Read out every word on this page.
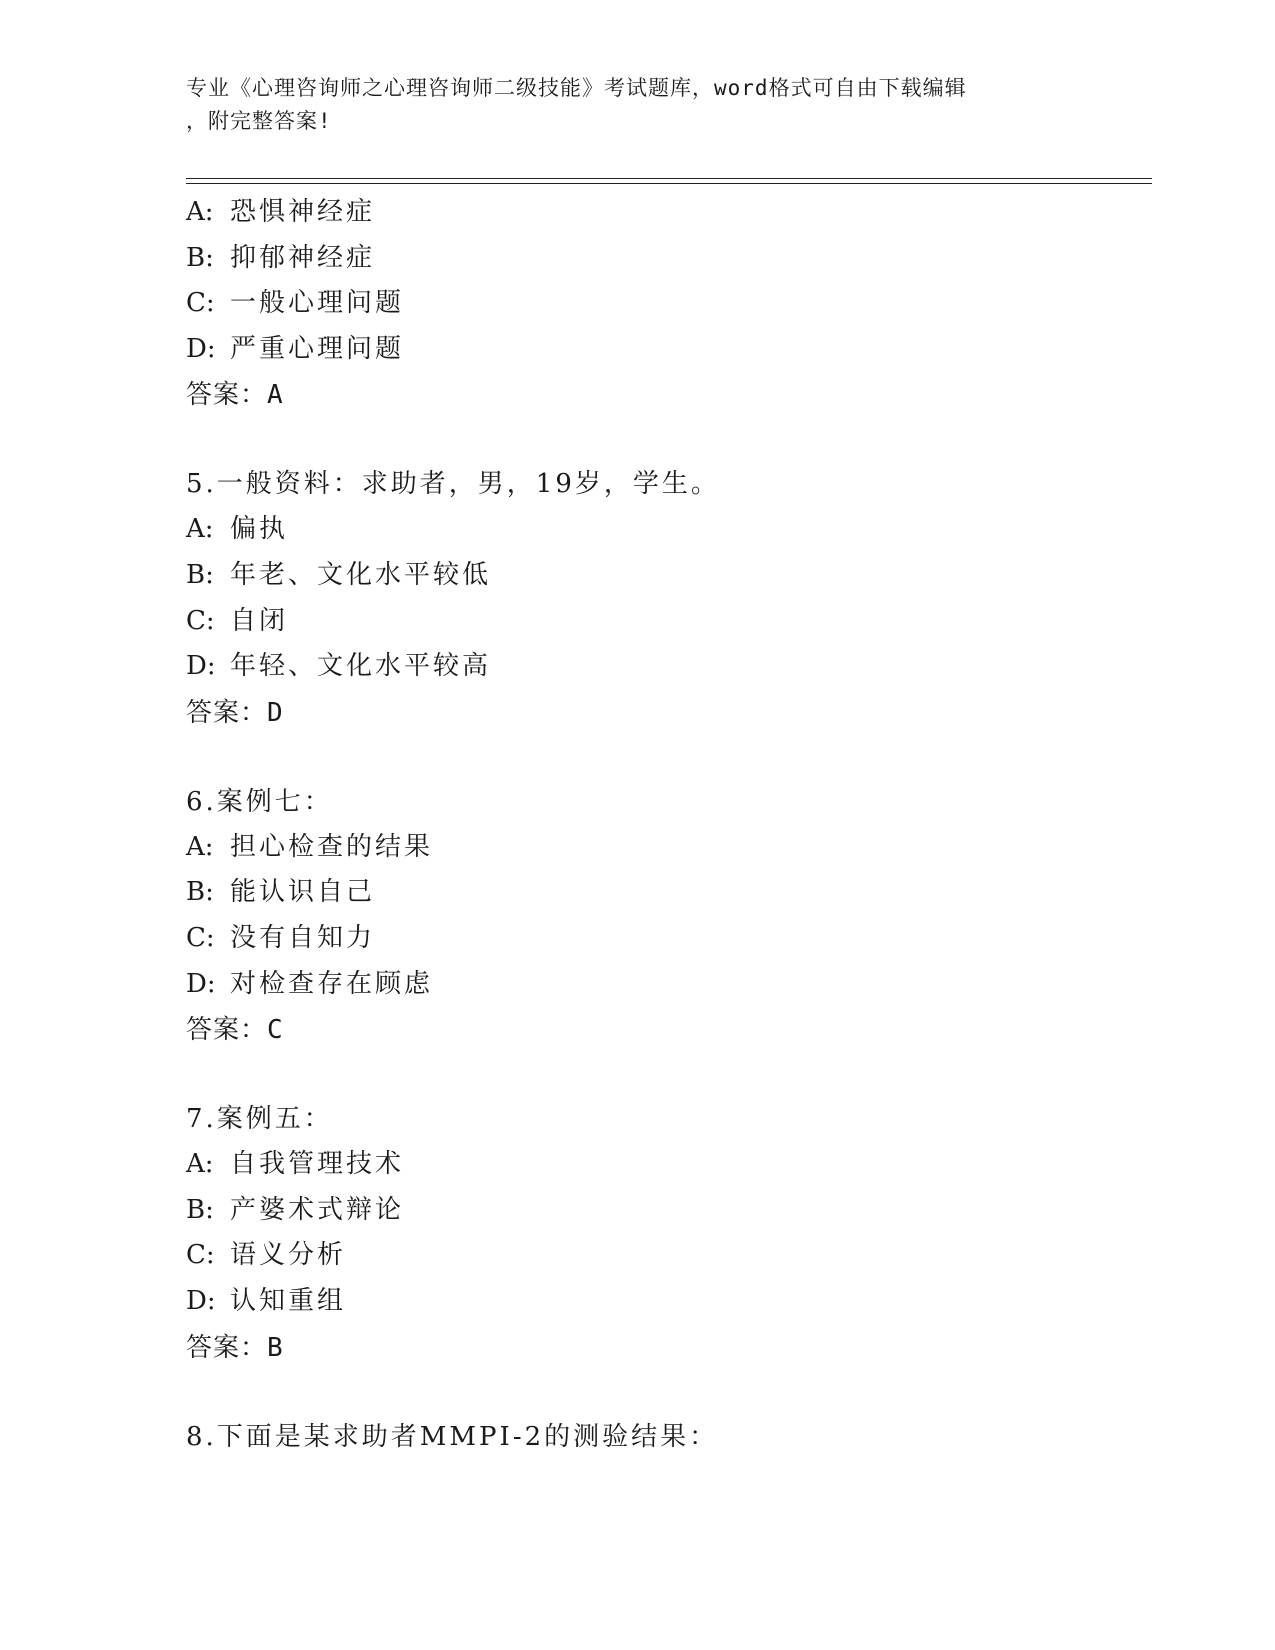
专业《心理咨询师之心理咨询师二级技能》考试题库，word格式可自由下载编辑
，附完整答案!
A: 恐惧神经症
B: 抑郁神经症
C: 一般心理问题
D: 严重心理问题
答案：A
5.一般资料：求助者，男，19岁，学生。
A: 偏执
B: 年老、文化水平较低
C: 自闭
D: 年轻、文化水平较高
答案：D
6.案例七：
A: 担心检查的结果
B: 能认识自己
C: 没有自知力
D: 对检查存在顾虑
答案：C
7.案例五：
A: 自我管理技术
B: 产婆术式辩论
C: 语义分析
D: 认知重组
答案：B
8.下面是某求助者MMPI-2的测验结果：
